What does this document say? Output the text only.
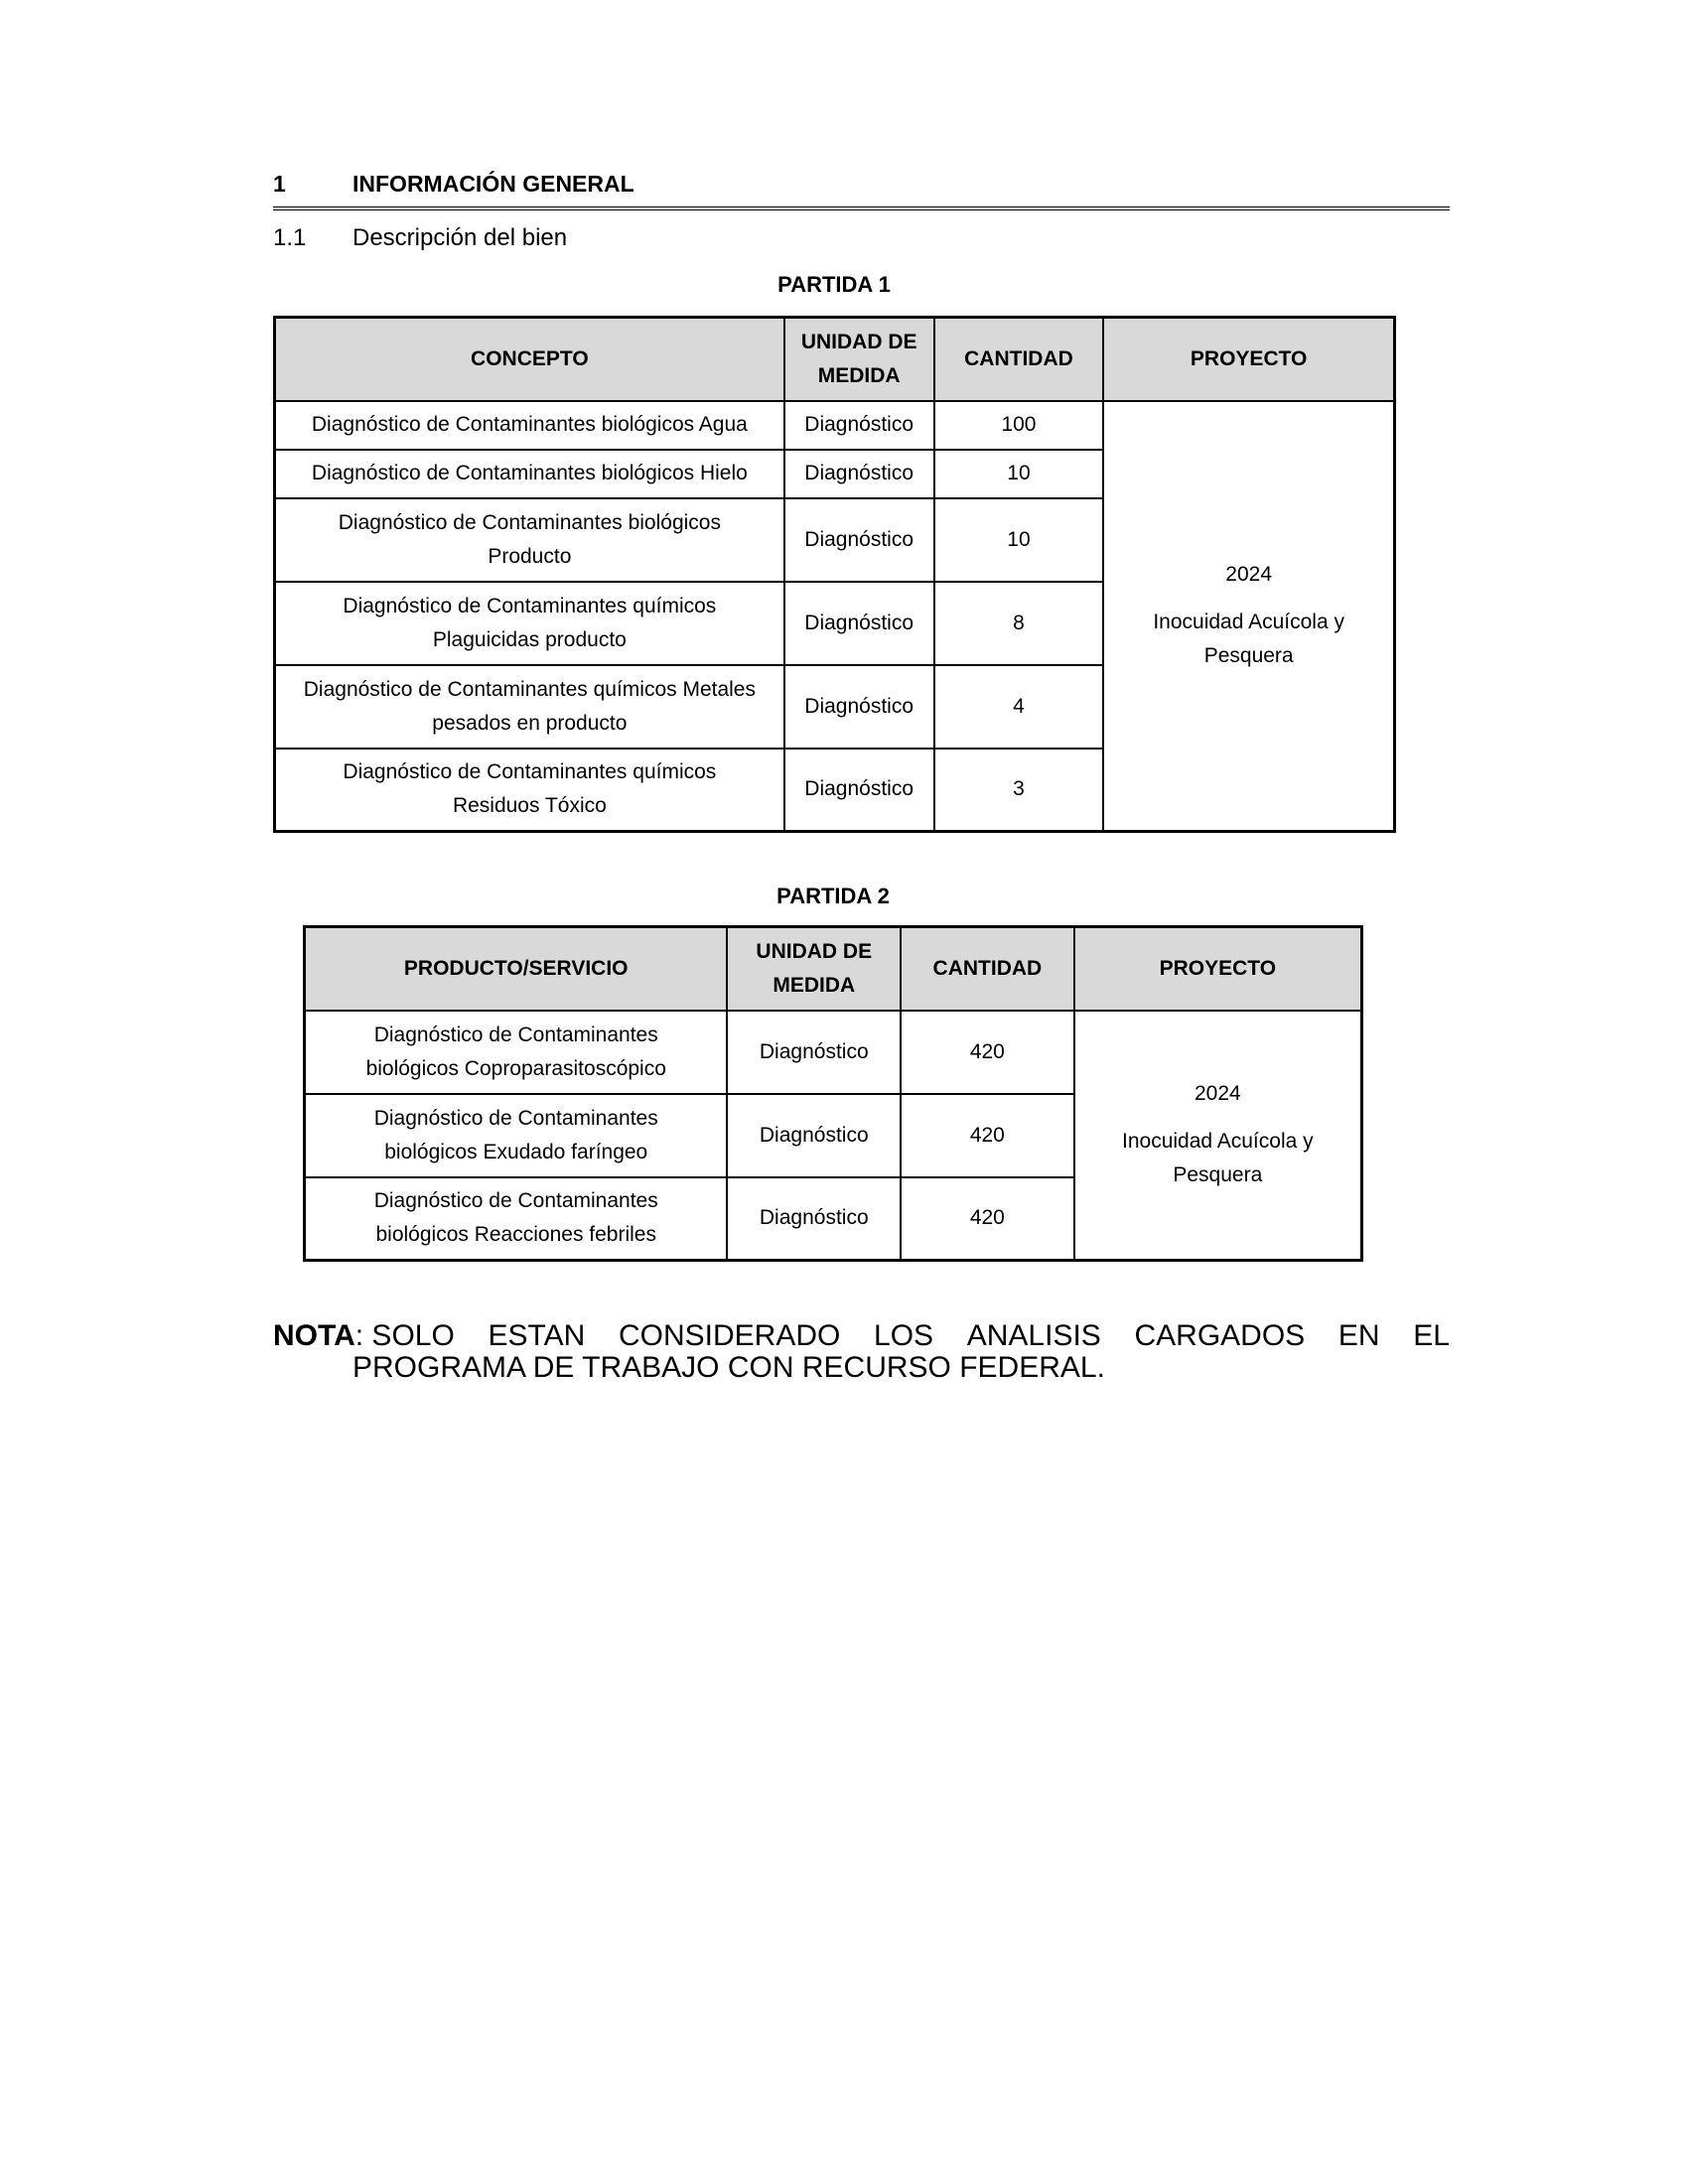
1	INFORMACIÓN GENERAL
1.1 Descripción del bien
PARTIDA 1
CONCEPTO	UNIDAD DE MEDIDA	CANTIDAD	PROYECTO
Diagnóstico de Contaminantes biológicos Agua	Diagnóstico	100	2024
Inocuidad Acuícola y Pesquera

Diagnóstico de Contaminantes biológicos Hielo	Diagnóstico	10	
Diagnóstico de Contaminantes biológicos Producto	Diagnóstico	10	
Diagnóstico de Contaminantes químicos Plaguicidas producto	Diagnóstico	8	
Diagnóstico de Contaminantes químicos Metales pesados en producto	Diagnóstico	4	
Diagnóstico de Contaminantes químicos Residuos Tóxico	Diagnóstico	3	
PARTIDA 2
PRODUCTO/SERVICIO	UNIDAD DE MEDIDA	CANTIDAD	PROYECTO
Diagnóstico de Contaminantes biológicos Coproparasitoscópico	Diagnóstico	420	2024
Inocuidad Acuícola y Pesquera

Diagnóstico de Contaminantes biológicos Exudado faríngeo	Diagnóstico	420	
Diagnóstico de Contaminantes biológicos Reacciones febriles	Diagnóstico	420	
NOTA: SOLO ESTAN CONSIDERADO LOS ANALISIS CARGADOS EN EL
PROGRAMA DE TRABAJO CON RECURSO FEDERAL.
